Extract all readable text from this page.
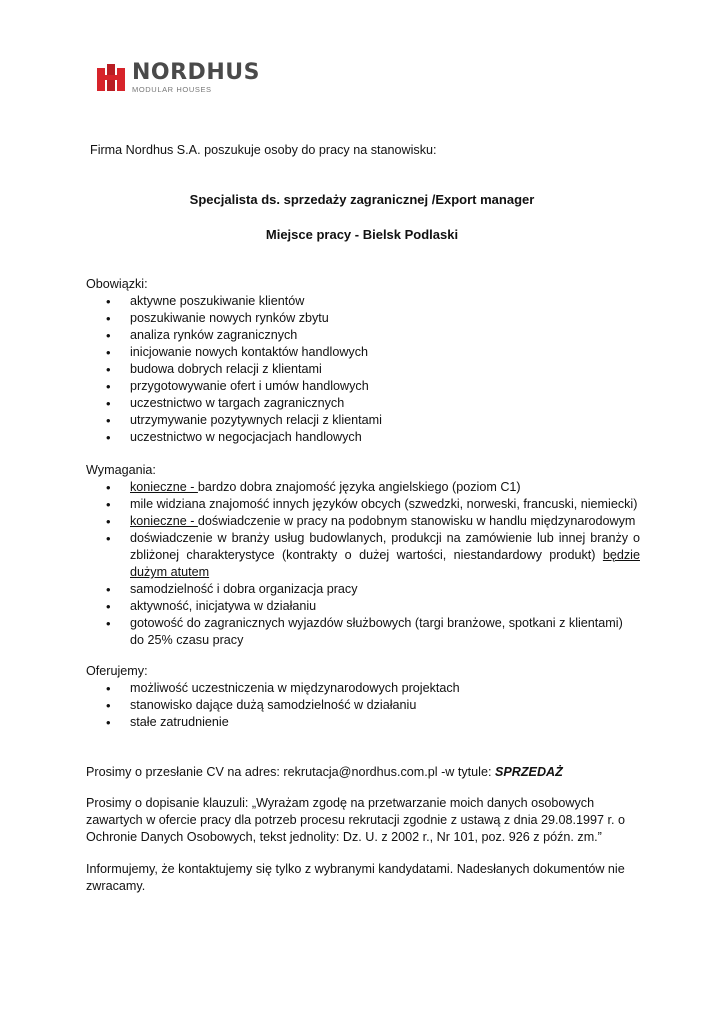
NORDHUS
MODULAR HOUSES
Firma Nordhus S.A. poszukuje osoby do pracy na stanowisku:
Specjalista ds. sprzedaży zagranicznej /Export manager
Miejsce pracy - Bielsk Podlaski
Obowiązki:
• aktywne poszukiwanie klientów
• poszukiwanie nowych rynków zbytu
• analiza rynków zagranicznych
• inicjowanie nowych kontaktów handlowych
• budowa dobrych relacji z klientami
• przygotowywanie ofert i umów handlowych
• uczestnictwo w targach zagranicznych
• utrzymywanie pozytywnych relacji z klientami
• uczestnictwo w negocjacjach handlowych
Wymagania:
• konieczne - bardzo dobra znajomość języka angielskiego (poziom C1)
• mile widziana znajomość innych języków obcych (szwedzki, norweski, francuski, niemiecki)
• konieczne - doświadczenie w pracy na podobnym stanowisku w handlu międzynarodowym
• doświadczenie w branży usług budowlanych, produkcji na zamówienie lub innej branży o zbliżonej charakterystyce (kontrakty o dużej wartości, niestandardowy produkt) będzie dużym atutem
• samodzielność i dobra organizacja pracy
• aktywność, inicjatywa w działaniu
• gotowość do zagranicznych wyjazdów służbowych (targi branżowe, spotkani z klientami) do 25% czasu pracy
Oferujemy:
• możliwość uczestniczenia w międzynarodowych projektach
• stanowisko dające dużą samodzielność w działaniu
• stałe zatrudnienie
Prosimy o przesłanie CV na adres: rekrutacja@nordhus.com.pl -w tytule: SPRZEDAŻ
Prosimy o dopisanie klauzuli: „Wyrażam zgodę na przetwarzanie moich danych osobowych zawartych w ofercie pracy dla potrzeb procesu rekrutacji zgodnie z ustawą z dnia 29.08.1997 r. o Ochronie Danych Osobowych, tekst jednolity: Dz. U. z 2002 r., Nr 101, poz. 926 z późn. zm.”
Informujemy, że kontaktujemy się tylko z wybranymi kandydatami. Nadesłanych dokumentów nie zwracamy.
